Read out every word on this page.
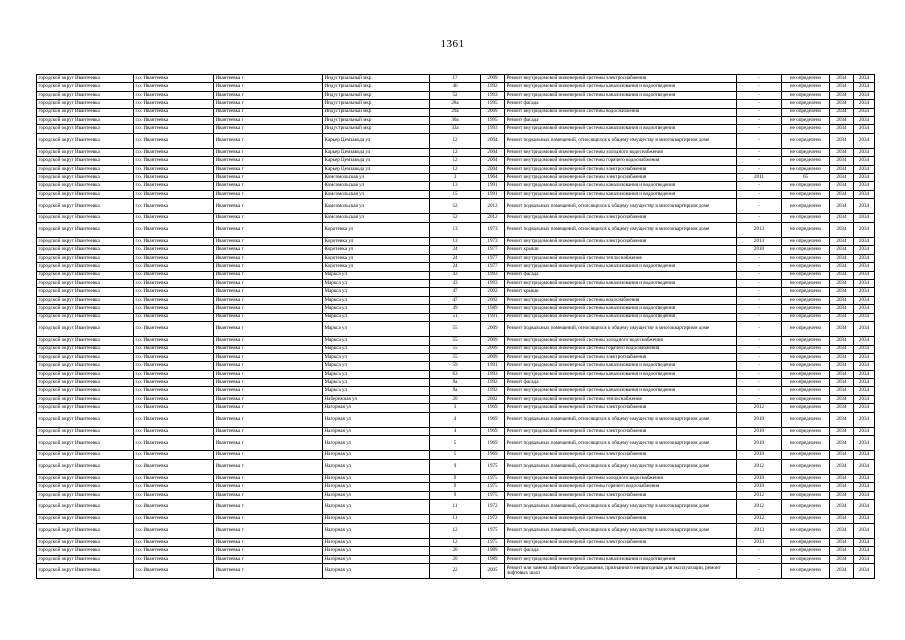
1361
городской округ Ивантеевка	г.о. Ивантеевка	Ивантеевка г	Индустриальный мкр	17	2009	Ремонт внутридомовой инженерной системы электроснабжения	-	не определено	2034	2034
городской округ Ивантеевка	г.о. Ивантеевка	Ивантеевка г	Индустриальный мкр	46	1992	Ремонт внутридомовой инженерной системы канализования и водоотведения	-	не определено	2034	2034
городской округ Ивантеевка	г.о. Ивантеевка	Ивантеевка г	Индустриальный мкр	52	1993	Ремонт внутридомовой инженерной системы канализования и водоотведения	-	не определено	2034	2034
городской округ Ивантеевка	г.о. Ивантеевка	Ивантеевка г	Индустриальный мкр	28а	1995	Ремонт фасада	-	не определено	2034	2034
городской округ Ивантеевка	г.о. Ивантеевка	Ивантеевка г	Индустриальный мкр	29а	2009	Ремонт внутридомовой инженерной системы водоснабжения	-	не определено	2034	2034
городской округ Ивантеевка	г.о. Ивантеевка	Ивантеевка г	Индустриальный мкр	30а	1995	Ремонт фасада	-	не определено	2034	2034
городской округ Ивантеевка	г.о. Ивантеевка	Ивантеевка г	Индустриальный мкр	33а	1993	Ремонт внутридомовой инженерной системы канализования и водоотведения	-	не определено	2034	2034
городской округ Ивантеевка	г.о. Ивантеевка	Ивантеевка г	Карьер Цемзавода ул	12	2004	Ремонт подвальных помещений, относящихся к общему имуществу в многоквартирном доме	-	не определено	2034	2034
городской округ Ивантеевка	г.о. Ивантеевка	Ивантеевка г	Карьер Цемзавода ул	12	2004	Ремонт внутридомовой инженерной системы холодного водоснабжения	-	не определено	2034	2034
городской округ Ивантеевка	г.о. Ивантеевка	Ивантеевка г	Карьер Цемзавода ул	12	2004	Ремонт внутридомовой инженерной системы горячего водоснабжения	-	не определено	2034	2034
городской округ Ивантеевка	г.о. Ивантеевка	Ивантеевка г	Карьер Цемзавода ул	12	2004	Ремонт внутридомовой инженерной системы электроснабжения	-	не определено	2034	2034
городской округ Ивантеевка	г.о. Ивантеевка	Ивантеевка г	Комсомольская ул	3	1964	Ремонт внутридомовой инженерной системы электроснабжения	2011	65	2034	2034
городской округ Ивантеевка	г.о. Ивантеевка	Ивантеевка г	Комсомольская ул	13	1991	Ремонт внутридомовой инженерной системы канализования и водоотведения	-	не определено	2034	2034
городской округ Ивантеевка	г.о. Ивантеевка	Ивантеевка г	Комсомольская ул	15	1991	Ремонт внутридомовой инженерной системы канализования и водоотведения	-	не определено	2034	2034
городской округ Ивантеевка	г.о. Ивантеевка	Ивантеевка г	Комсомольская ул	52	2012	Ремонт подвальных помещений, относящихся к общему имуществу в многоквартирном доме	-	не определено	2034	2034
городской округ Ивантеевка	г.о. Ивантеевка	Ивантеевка г	Комсомольская ул	52	2012	Ремонт внутридомовой инженерной системы электроснабжения	-	не определено	2034	2034
городской округ Ивантеевка	г.о. Ивантеевка	Ивантеевка г	Коротенка ул	13	1973	Ремонт подвальных помещений, относящихся к общему имуществу в многоквартирном доме	2013	не определено	2034	2034
городской округ Ивантеевка	г.о. Ивантеевка	Ивантеевка г	Коротенка ул	13	1973	Ремонт внутридомовой инженерной системы электроснабжения	2013	не определено	2034	2034
городской округ Ивантеевка	г.о. Ивантеевка	Ивантеевка г	Коротенка ул	24	1977	Ремонт крыши	2010	не определено	2034	2034
городской округ Ивантеевка	г.о. Ивантеевка	Ивантеевка г	Коротенка ул	24	1977	Ремонт внутридомовой инженерной системы теплоснабжения	-	не определено	2034	2034
городской округ Ивантеевка	г.о. Ивантеевка	Ивантеевка г	Коротенка ул	24	1977	Ремонт внутридомовой инженерной системы канализования и водоотведения	-	не определено	2034	2034
городской округ Ивантеевка	г.о. Ивантеевка	Ивантеевка г	Маркса ул	43	1993	Ремонт фасада	-	не определено	2034	2034
городской округ Ивантеевка	г.о. Ивантеевка	Ивантеевка г	Маркса ул	43	1993	Ремонт внутридомовой инженерной системы канализования и водоотведения	-	не определено	2034	2034
городской округ Ивантеевка	г.о. Ивантеевка	Ивантеевка г	Маркса ул	47	2002	Ремонт крыши	-	не определено	2034	2034
городской округ Ивантеевка	г.о. Ивантеевка	Ивантеевка г	Маркса ул	47	2002	Ремонт внутридомовой инженерной системы водоснабжения	-	не определено	2034	2034
городской округ Ивантеевка	г.о. Ивантеевка	Ивантеевка г	Маркса ул	49	1989	Ремонт внутридомовой инженерной системы канализования и водоотведения	-	не определено	2034	2034
городской округ Ивантеевка	г.о. Ивантеевка	Ивантеевка г	Маркса ул	51	1991	Ремонт внутридомовой инженерной системы канализования и водоотведения	-	не определено	2034	2034
городской округ Ивантеевка	г.о. Ивантеевка	Ивантеевка г	Маркса ул	55	2009	Ремонт подвальных помещений, относящихся к общему имуществу в многоквартирном доме	-	не определено	2034	2034
городской округ Ивантеевка	г.о. Ивантеевка	Ивантеевка г	Маркса ул	55	2009	Ремонт внутридомовой инженерной системы холодного водоснабжения	-	не определено	2034	2034
городской округ Ивантеевка	г.о. Ивантеевка	Ивантеевка г	Маркса ул	55	2009	Ремонт внутридомовой инженерной системы горячего водоснабжения	-	не определено	2034	2034
городской округ Ивантеевка	г.о. Ивантеевка	Ивантеевка г	Маркса ул	55	2009	Ремонт внутридомовой инженерной системы электроснабжения	-	не определено	2034	2034
городской округ Ивантеевка	г.о. Ивантеевка	Ивантеевка г	Маркса ул	59	1991	Ремонт внутридомовой инженерной системы канализования и водоотведения	-	не определено	2034	2034
городской округ Ивантеевка	г.о. Ивантеевка	Ивантеевка г	Маркса ул	63	1993	Ремонт внутридомовой инженерной системы канализования и водоотведения	-	не определено	2034	2034
городской округ Ивантеевка	г.о. Ивантеевка	Ивантеевка г	Маркса ул	9а	1992	Ремонт фасада	-	не определено	2034	2034
городской округ Ивантеевка	г.о. Ивантеевка	Ивантеевка г	Маркса ул	9а	1992	Ремонт внутридомовой инженерной системы канализования и водоотведения	-	не определено	2034	2034
городской округ Ивантеевка	г.о. Ивантеевка	Ивантеевка г	Набережная ул	20	2002	Ремонт внутридомовой инженерной системы теплоснабжения	-	не определено	2034	2034
городской округ Ивантеевка	г.о. Ивантеевка	Ивантеевка г	Нагорная ул	3	1969	Ремонт внутридомовой инженерной системы электроснабжения	2012	не определено	2034	2034
городской округ Ивантеевка	г.о. Ивантеевка	Ивантеевка г	Нагорная ул	4	1969	Ремонт подвальных помещений, относящихся к общему имуществу в многоквартирном доме	2010	не определено	2034	2034
городской округ Ивантеевка	г.о. Ивантеевка	Ивантеевка г	Нагорная ул	4	1969	Ремонт внутридомовой инженерной системы электроснабжения	2010	не определено	2034	2034
городской округ Ивантеевка	г.о. Ивантеевка	Ивантеевка г	Нагорная ул	5	1969	Ремонт подвальных помещений, относящихся к общему имуществу в многоквартирном доме	2010	не определено	2034	2034
городской округ Ивантеевка	г.о. Ивантеевка	Ивантеевка г	Нагорная ул	5	1969	Ремонт внутридомовой инженерной системы электроснабжения	2010	не определено	2034	2034
городской округ Ивантеевка	г.о. Ивантеевка	Ивантеевка г	Нагорная ул	9	1975	Ремонт подвальных помещений, относящихся к общему имуществу в многоквартирном доме	2012	не определено	2034	2034
городской округ Ивантеевка	г.о. Ивантеевка	Ивантеевка г	Нагорная ул	9	1975	Ремонт внутридомовой инженерной системы холодного водоснабжения	2010	не определено	2034	2034
городской округ Ивантеевка	г.о. Ивантеевка	Ивантеевка г	Нагорная ул	9	1975	Ремонт внутридомовой инженерной системы горячего водоснабжения	2010	не определено	2034	2034
городской округ Ивантеевка	г.о. Ивантеевка	Ивантеевка г	Нагорная ул	9	1975	Ремонт внутридомовой инженерной системы электроснабжения	2012	не определено	2034	2034
городской округ Ивантеевка	г.о. Ивантеевка	Ивантеевка г	Нагорная ул	11	1972	Ремонт подвальных помещений, относящихся к общему имуществу в многоквартирном доме	2012	не определено	2034	2034
городской округ Ивантеевка	г.о. Ивантеевка	Ивантеевка г	Нагорная ул	11	1972	Ремонт внутридомовой инженерной системы электроснабжения	2012	не определено	2034	2034
городской округ Ивантеевка	г.о. Ивантеевка	Ивантеевка г	Нагорная ул	12	1975	Ремонт подвальных помещений, относящихся к общему имуществу в многоквартирном доме	2013	не определено	2034	2034
городской округ Ивантеевка	г.о. Ивантеевка	Ивантеевка г	Нагорная ул	12	1975	Ремонт внутридомовой инженерной системы электроснабжения	2013	не определено	2034	2034
городской округ Ивантеевка	г.о. Ивантеевка	Ивантеевка г	Нагорная ул	20	1989	Ремонт фасада	-	не определено	2034	2034
городской округ Ивантеевка	г.о. Ивантеевка	Ивантеевка г	Нагорная ул	20	1989	Ремонт внутридомовой инженерной системы канализования и водоотведения	-	не определено	2034	2034
городской округ Ивантеевка	г.о. Ивантеевка	Ивантеевка г	Нагорная ул	22	2005	Ремонт или замена лифтового оборудования, признанного непригодным для эксплуатации, ремонт лифтовых шахт	-	не определено	2034	2034
